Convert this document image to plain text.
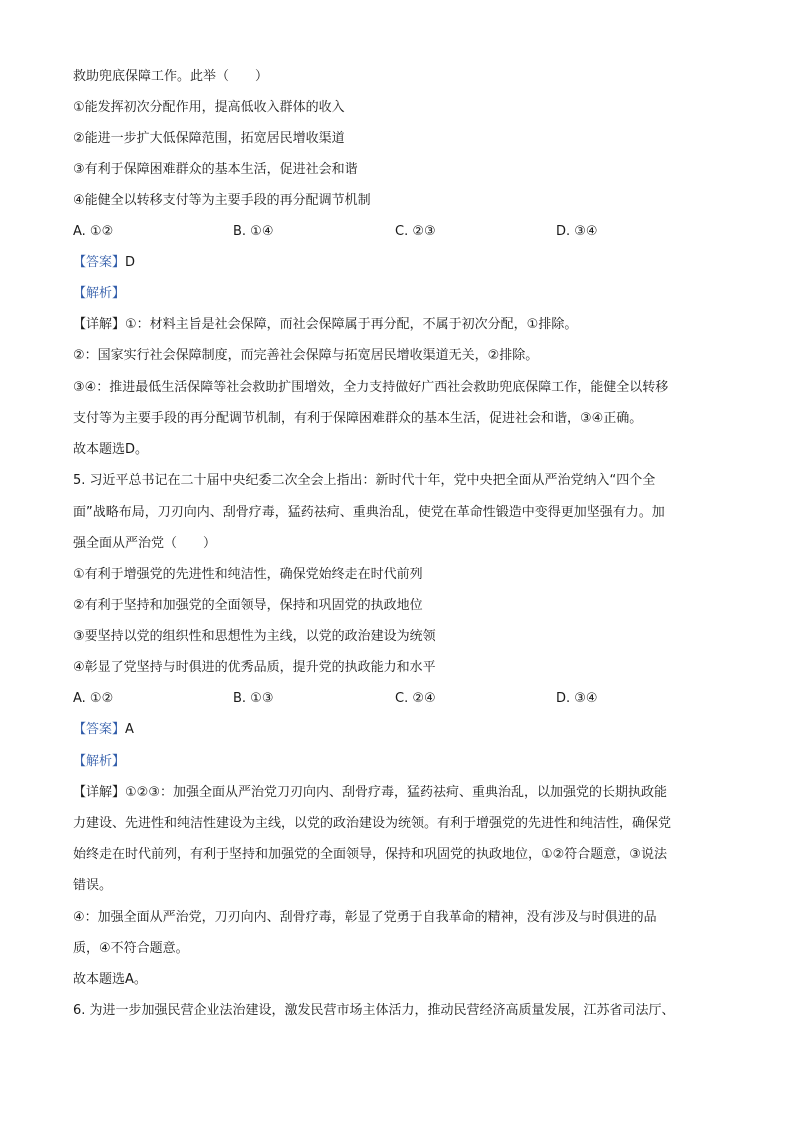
救助兜底保障工作。此举（　　）
①能发挥初次分配作用，提高低收入群体的收入
②能进一步扩大低保障范围，拓宽居民增收渠道
③有利于保障困难群众的基本生活，促进社会和谐
④能健全以转移支付等为主要手段的再分配调节机制
A. ①②	B. ①④	C. ②③	D. ③④
【答案】D
【解析】
【详解】①：材料主旨是社会保障，而社会保障属于再分配，不属于初次分配，①排除。
②：国家实行社会保障制度，而完善社会保障与拓宽居民增收渠道无关，②排除。
③④：推进最低生活保障等社会救助扩围增效，全力支持做好广西社会救助兜底保障工作，能健全以转移
支付等为主要手段的再分配调节机制，有利于保障困难群众的基本生活，促进社会和谐，③④正确。
故本题选D。
5. 习近平总书记在二十届中央纪委二次全会上指出：新时代十年，党中央把全面从严治党纳入“四个全
面”战略布局，刀刃向内、刮骨疗毒，猛药祛疴、重典治乱，使党在革命性锻造中变得更加坚强有力。加
强全面从严治党（　　）
①有利于增强党的先进性和纯洁性，确保党始终走在时代前列
②有利于坚持和加强党的全面领导，保持和巩固党的执政地位
③要坚持以党的组织性和思想性为主线，以党的政治建设为统领
④彰显了党坚持与时俱进的优秀品质，提升党的执政能力和水平
A. ①②	B. ①③	C. ②④	D. ③④
【答案】A
【解析】
【详解】①②③：加强全面从严治党刀刃向内、刮骨疗毒，猛药祛疴、重典治乱，以加强党的长期执政能
力建设、先进性和纯洁性建设为主线，以党的政治建设为统领。有利于增强党的先进性和纯洁性，确保党
始终走在时代前列，有利于坚持和加强党的全面领导，保持和巩固党的执政地位，①②符合题意，③说法
错误。
④：加强全面从严治党，刀刃向内、刮骨疗毒，彰显了党勇于自我革命的精神，没有涉及与时俱进的品
质，④不符合题意。
故本题选A。
6. 为进一步加强民营企业法治建设，激发民营市场主体活力，推动民营经济高质量发展，江苏省司法厅、
